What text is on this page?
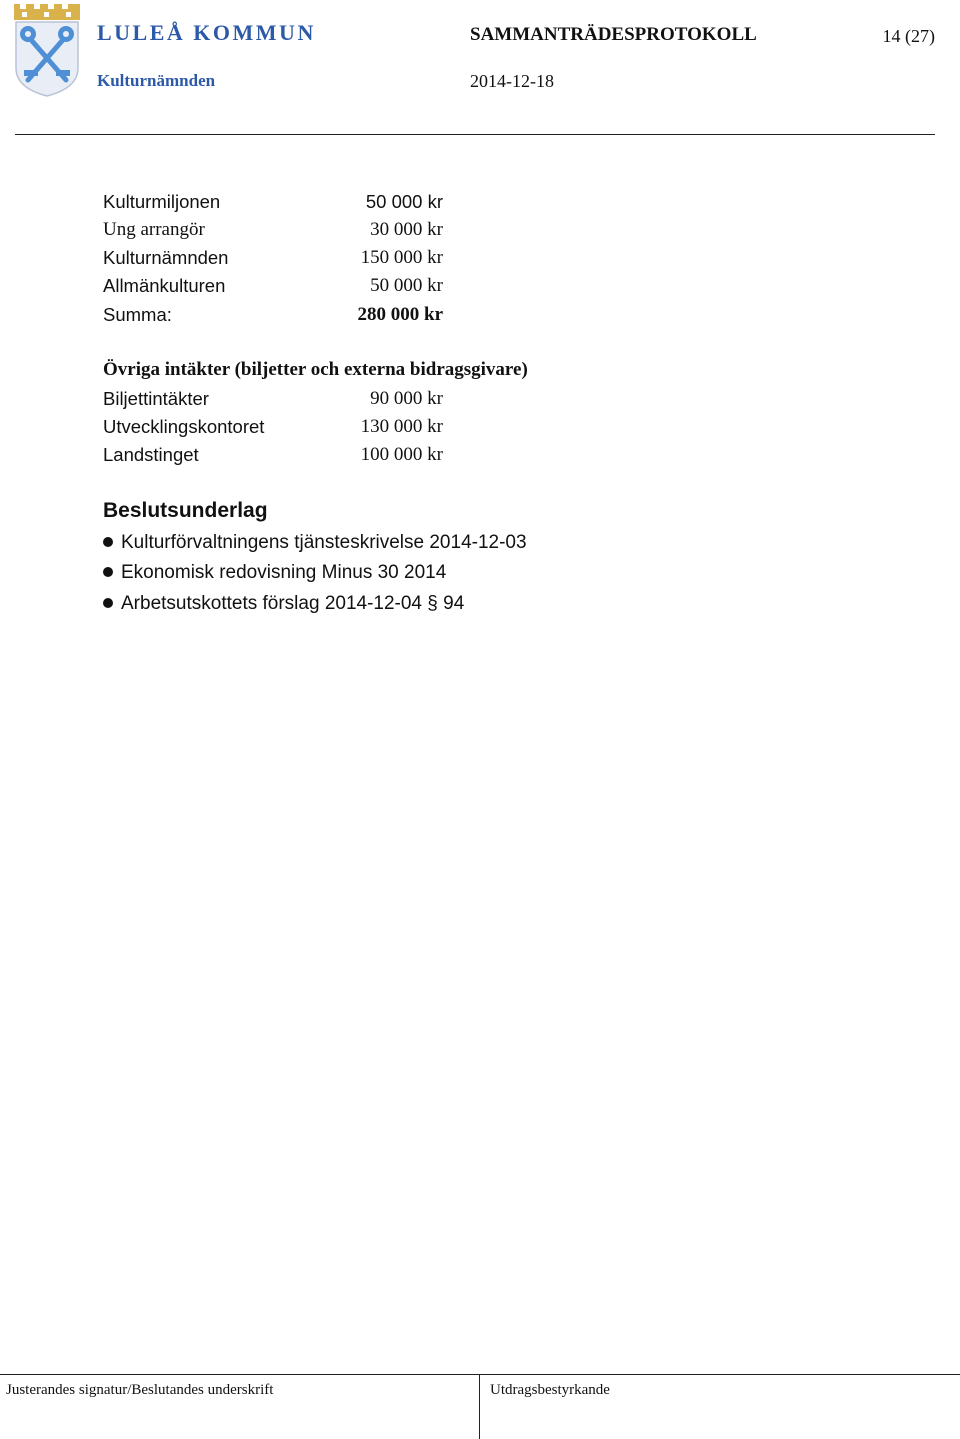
LULEÅ KOMMUN
Kulturnämnden
SAMMANTRÄDESPROTOKOLL
2014-12-18
14 (27)
Kulturmiljonen	50 000 kr
Ung arrangör	30 000 kr
Kulturnämnden	150 000 kr
Allmänkulturen	50 000 kr
Summa:	280 000 kr
Övriga intäkter (biljetter och externa bidragsgivare)
Biljettintäkter	90 000 kr
Utvecklingskontoret	130 000 kr
Landstinget	100 000 kr
Beslutsunderlag
Kulturförvaltningens tjänsteskrivelse 2014-12-03
Ekonomisk redovisning Minus 30 2014
Arbetsutskottets förslag 2014-12-04 § 94
Justerandes signatur/Beslutandes underskrift	Utdragsbestyrkande
